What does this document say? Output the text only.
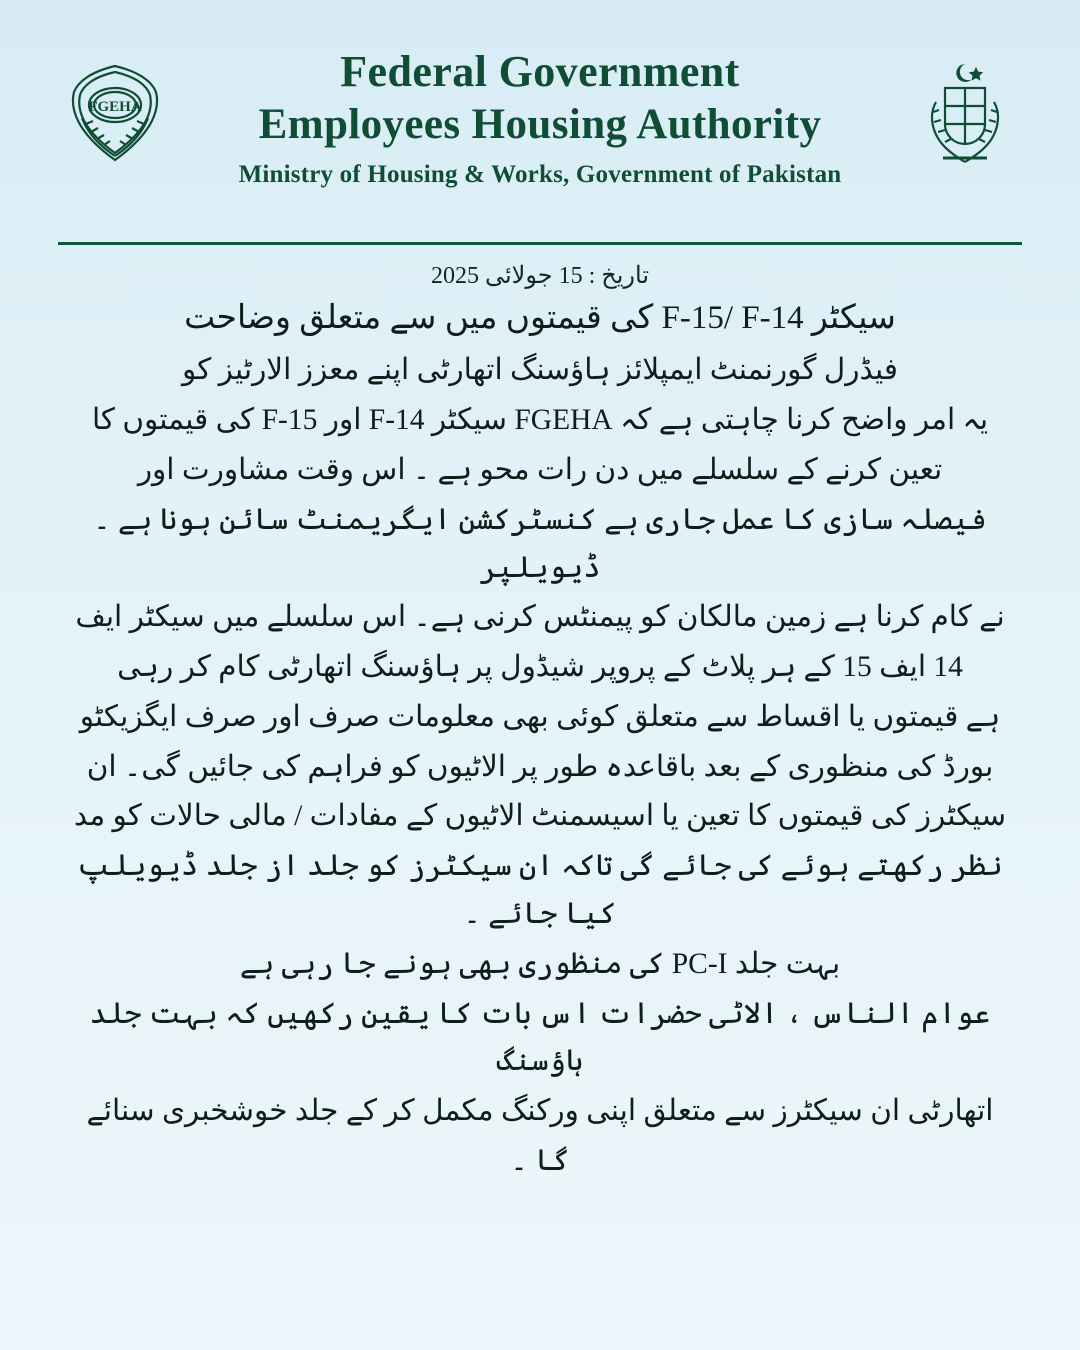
FGEHA
Federal Government
Employees Housing Authority
Ministry of Housing & Works, Government of Pakistan
تاریخ : 15 جولائی 2025

سیکٹر F-15/ F-14 کی قیمتوں میں سے متعلق وضاحت

فیڈرل گورنمنٹ ایمپلائز ہاؤسنگ اتھارٹی اپنے معزز الارٹیز کو

یہ امر واضح کرنا چاہتی ہے کہ FGEHA سیکٹر F-14 اور F-15 کی قیمتوں کا

تعین کرنے کے سلسلے میں دن رات محو ہے ۔ اس وقت مشاورت اور

فیصلہ سازی کا عمل جاری ہے کنسٹرکشن ایگریمنٹ سائن ہونا ہے ۔ڈیویلپر

نے کام کرنا ہے زمین مالکان کو پیمنٹس کرنی ہے۔ اس سلسلے میں سیکٹر ایف

14 ایف 15 کے ہر پلاٹ کے پروپر شیڈول پر ہاؤسنگ اتھارٹی کام کر رہی

ہے قیمتوں یا اقساط سے متعلق کوئی بھی معلومات صرف اور صرف ایگزیکٹو

بورڈ کی منظوری کے بعد باقاعدہ طور پر الاٹیوں کو فراہم کی جائیں گی۔ ان

سیکٹرز کی قیمتوں کا تعین یا اسیسمنٹ الاٹیوں کے مفادات / مالی حالات کو مد

نظر رکھتے ہوئے کی جائے گی تاکہ ان سیکٹرز کو جلد از جلد ڈیویلپ کیا جائے ۔

بہت جلد PC-I کی منظوری بھی ہونے جا رہی ہے

عوام الناس ، الاٹی حضرات اس بات کا یقین رکھیں کہ بہت جلد ہاؤسنگ

اتھارٹی ان سیکٹرز سے متعلق اپنی ورکنگ مکمل کر کے جلد خوشخبری سنائے

گا ۔
